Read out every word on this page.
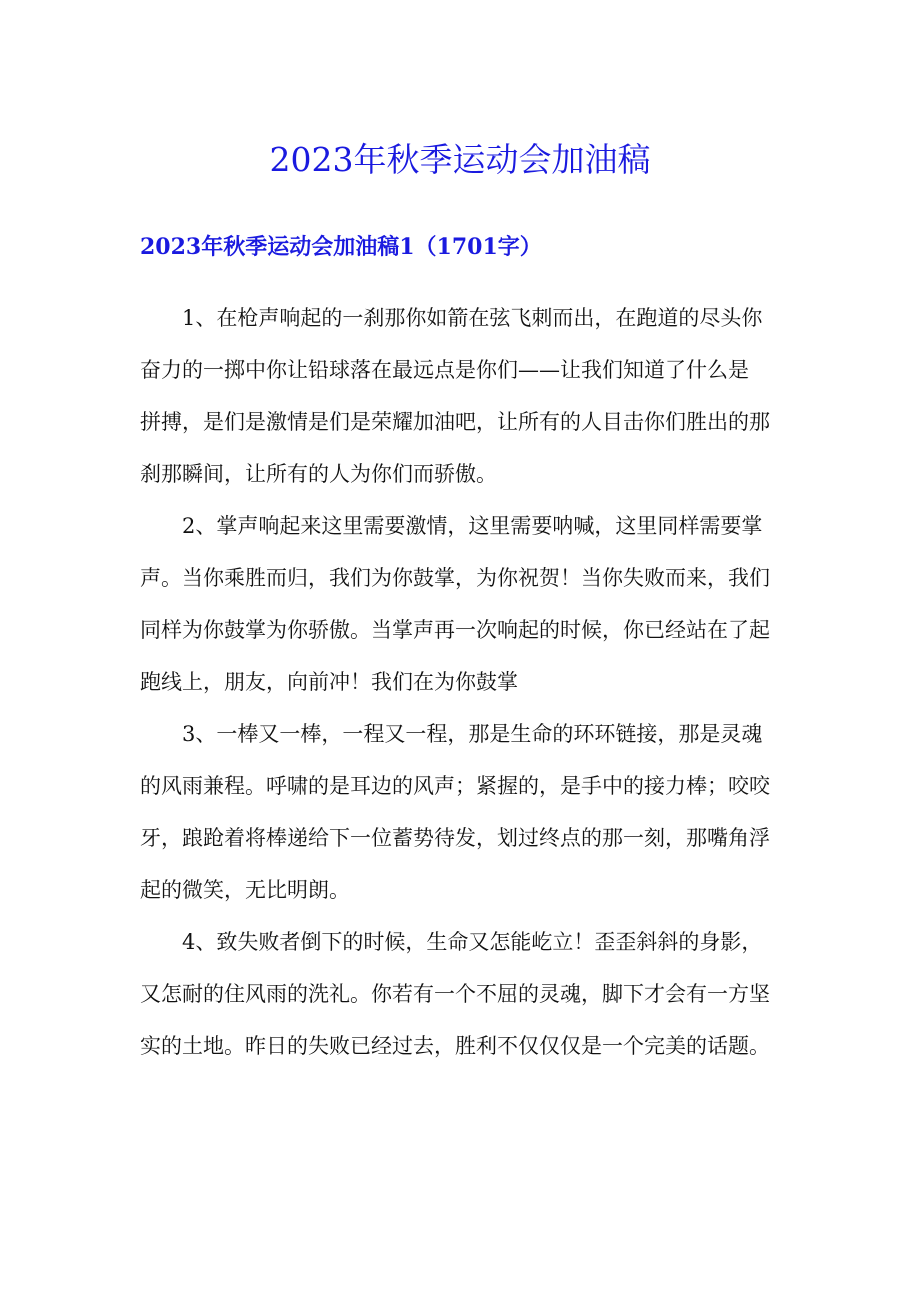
2023年秋季运动会加油稿
2023年秋季运动会加油稿1（1701字）
　　1、在枪声响起的一刹那你如箭在弦飞刺而出，在跑道的尽头你
奋力的一掷中你让铅球落在最远点是你们——让我们知道了什么是
拼搏，是们是激情是们是荣耀加油吧，让所有的人目击你们胜出的那
刹那瞬间，让所有的人为你们而骄傲。
　　2、掌声响起来这里需要激情，这里需要呐喊，这里同样需要掌
声。当你乘胜而归，我们为你鼓掌，为你祝贺！当你失败而来，我们
同样为你鼓掌为你骄傲。当掌声再一次响起的时候，你已经站在了起
跑线上，朋友，向前冲！我们在为你鼓掌
　　3、一棒又一棒，一程又一程，那是生命的环环链接，那是灵魂
的风雨兼程。呼啸的是耳边的风声；紧握的，是手中的接力棒；咬咬
牙，踉跄着将棒递给下一位蓄势待发，划过终点的那一刻，那嘴角浮
起的微笑，无比明朗。
　　4、致失败者倒下的时候，生命又怎能屹立！歪歪斜斜的身影，
又怎耐的住风雨的洗礼。你若有一个不屈的灵魂，脚下才会有一方坚
实的土地。昨日的失败已经过去，胜利不仅仅仅是一个完美的话题。
